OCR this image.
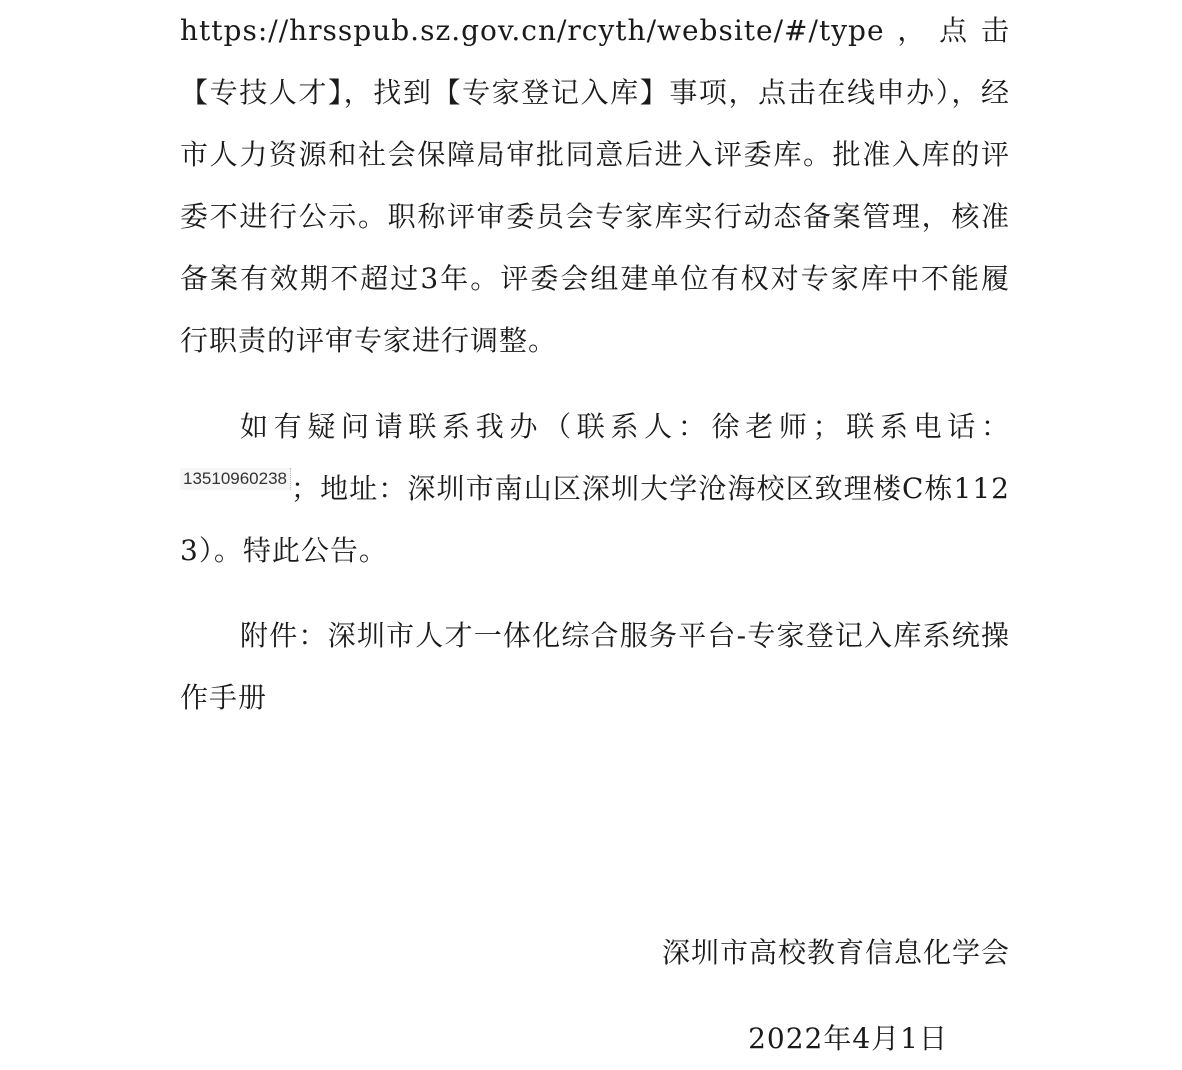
https://hrsspub.sz.gov.cn/rcyth/website/#/type，点击【专技人才】，找到【专家登记入库】事项，点击在线申办），经市人力资源和社会保障局审批同意后进入评委库。批准入库的评委不进行公示。职称评审委员会专家库实行动态备案管理，核准备案有效期不超过3年。评委会组建单位有权对专家库中不能履行职责的评审专家进行调整。

如有疑问请联系我办（联系人：徐老师；联系电话：13510960238 ；地址：深圳市南山区深圳大学沧海校区致理楼C栋1123）。特此公告。

附件：深圳市人才一体化综合服务平台-专家登记入库系统操作手册

深圳市高校教育信息化学会
2022年4月1日
